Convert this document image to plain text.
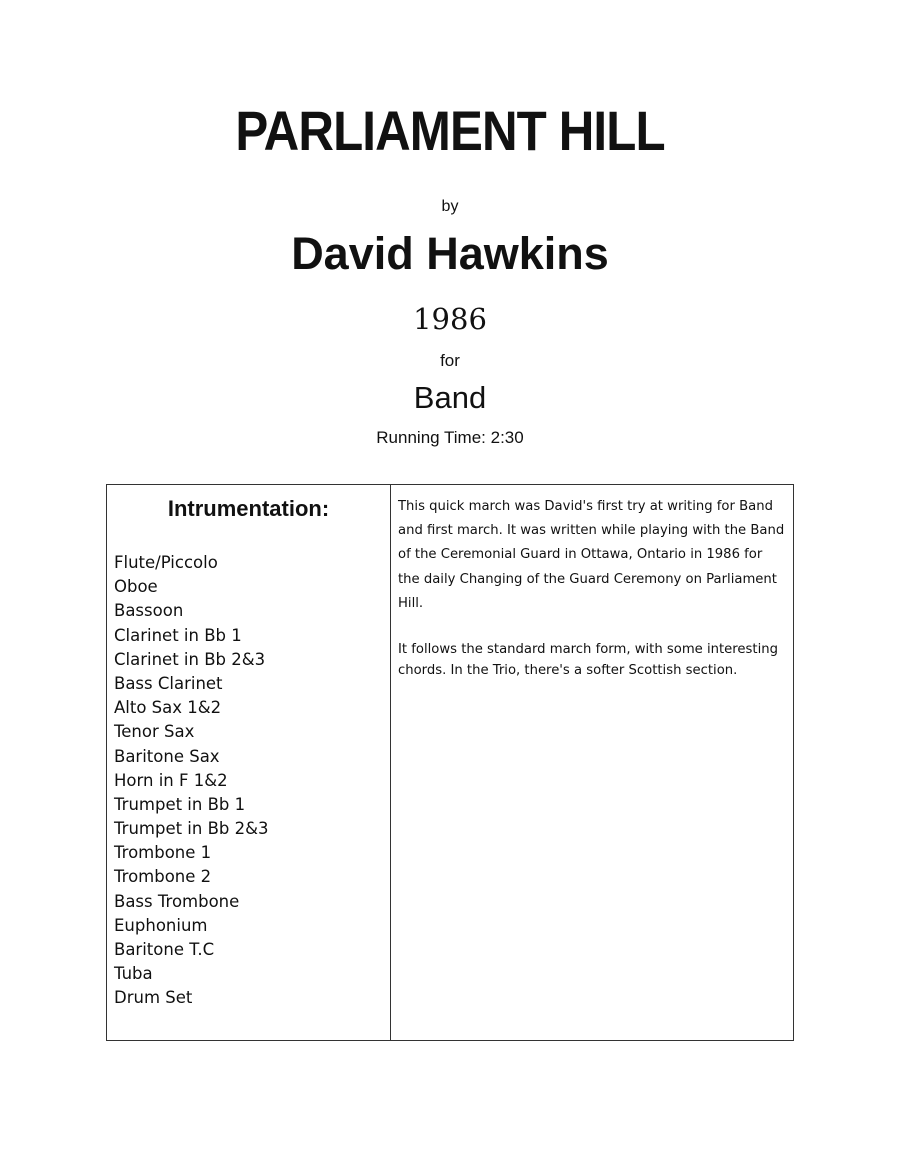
PARLIAMENT HILL
by
David Hawkins
1986
for
Band
Running Time: 2:30
Intrumentation:
Flute/Piccolo
Oboe
Bassoon
Clarinet in Bb 1
Clarinet in Bb 2&3
Bass Clarinet
Alto Sax 1&2
Tenor Sax
Baritone Sax
Horn in F 1&2
Trumpet in Bb 1
Trumpet in Bb 2&3
Trombone 1
Trombone 2
Bass Trombone
Euphonium
Baritone T.C
Tuba
Drum Set

This quick march was David's first try at writing for Band and first march. It was written while playing with the Band of the Ceremonial Guard in Ottawa, Ontario in 1986 for the daily Changing of the Guard Ceremony on Parliament Hill.

It follows the standard march form, with some interesting chords. In the Trio, there's a softer Scottish section.
